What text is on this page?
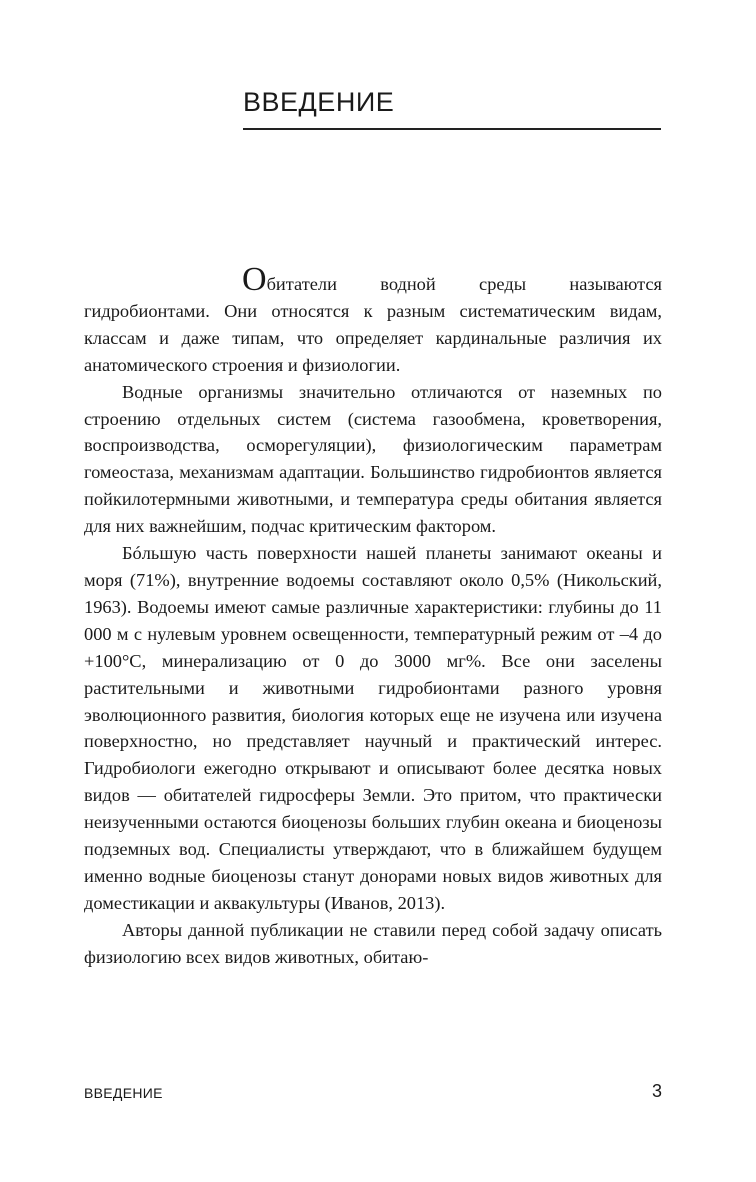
ВВЕДЕНИЕ

Обитатели водной среды называются гидробионтами. Они относятся к разным систематическим видам, классам и даже типам, что определяет кардинальные различия их анатомического строения и физиологии.

Водные организмы значительно отличаются от наземных по строению отдельных систем (система газообмена, кроветворения, воспроизводства, осморегуляции), физиологическим параметрам гомеостаза, механизмам адаптации. Большинство гидробионтов является пойкилотермными животными, и температура среды обитания является для них важнейшим, подчас критическим фактором.

Бóльшую часть поверхности нашей планеты занимают океаны и моря (71%), внутренние водоемы составляют около 0,5% (Никольский, 1963). Водоемы имеют самые различные характеристики: глубины до 11 000 м с нулевым уровнем освещенности, температурный режим от –4 до +100°С, минерализацию от 0 до 3000 мг%. Все они заселены растительными и животными гидробионтами разного уровня эволюционного развития, биология которых еще не изучена или изучена поверхностно, но представляет научный и практический интерес. Гидробиологи ежегодно открывают и описывают более десятка новых видов — обитателей гидросферы Земли. Это притом, что практически неизученными остаются биоценозы больших глубин океана и биоценозы подземных вод. Специалисты утверждают, что в ближайшем будущем именно водные биоценозы станут донорами новых видов животных для доместикации и аквакультуры (Иванов, 2013).

Авторы данной публикации не ставили перед собой задачу описать физиологию всех видов животных, обитаю-

ВВЕДЕНИЕ	3
